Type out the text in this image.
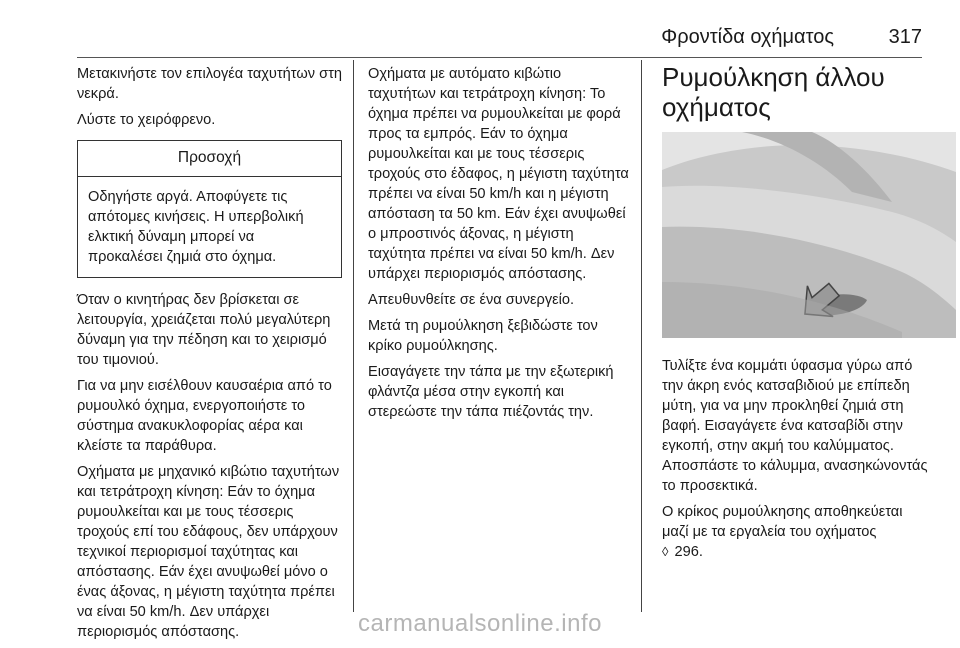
Φροντίδα οχήματος	317

Μετακινήστε τον επιλογέα ταχυτήτων στη νεκρά.

Λύστε το χειρόφρενο.

Προσοχή
Οδηγήστε αργά. Αποφύγετε τις απότομες κινήσεις. Η υπερβολική ελκτική δύναμη μπορεί να προκαλέσει ζημιά στο όχημα.

Όταν ο κινητήρας δεν βρίσκεται σε λειτουργία, χρειάζεται πολύ μεγαλύτερη δύναμη για την πέδηση και το χειρισμό του τιμονιού.

Για να μην εισέλθουν καυσαέρια από το ρυμουλκό όχημα, ενεργοποιήστε το σύστημα ανακυκλοφορίας αέρα και κλείστε τα παράθυρα.

Οχήματα με μηχανικό κιβώτιο ταχυτήτων και τετράτροχη κίνηση: Εάν το όχημα ρυμουλκείται και με τους τέσσερις τροχούς επί του εδάφους, δεν υπάρχουν τεχνικοί περιορισμοί ταχύτητας και απόστασης. Εάν έχει ανυψωθεί μόνο ο ένας άξονας, η μέγιστη ταχύτητα πρέπει να είναι 50 km/h. Δεν υπάρχει περιορισμός απόστασης.

Οχήματα με αυτόματο κιβώτιο ταχυτήτων και τετράτροχη κίνηση: Το όχημα πρέπει να ρυμουλκείται με φορά προς τα εμπρός. Εάν το όχημα ρυμουλκείται και με τους τέσσερις τροχούς στο έδαφος, η μέγιστη ταχύτητα πρέπει να είναι 50 km/h και η μέγιστη απόσταση τα 50 km. Εάν έχει ανυψωθεί ο μπροστινός άξονας, η μέγιστη ταχύτητα πρέπει να είναι 50 km/h. Δεν υπάρχει περιορισμός απόστασης.

Απευθυνθείτε σε ένα συνεργείο.

Μετά τη ρυμούλκηση ξεβιδώστε τον κρίκο ρυμούλκησης.

Εισαγάγετε την τάπα με την εξωτερική φλάντζα μέσα στην εγκοπή και στερεώστε την τάπα πιέζοντάς την.

Ρυμούλκηση άλλου οχήματος

Τυλίξτε ένα κομμάτι ύφασμα γύρω από την άκρη ενός κατσαβιδιού με επίπεδη μύτη, για να μην προκληθεί ζημιά στη βαφή. Εισαγάγετε ένα κατσαβίδι στην εγκοπή, στην ακμή του καλύμματος. Αποσπάστε το κάλυμμα, ανασηκώνοντάς το προσεκτικά.

Ο κρίκος ρυμούλκησης αποθηκεύεται μαζί με τα εργαλεία του οχήματος
◊ 296.

carmanualsonline.info
